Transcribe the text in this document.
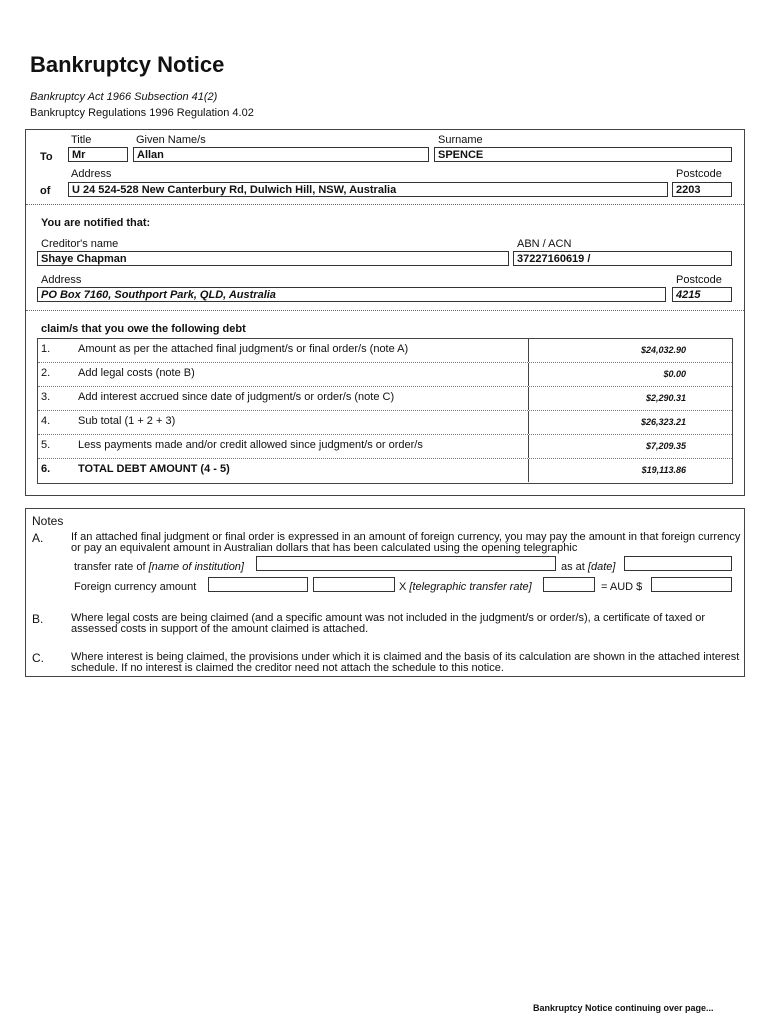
Bankruptcy Notice
Bankruptcy Act 1966 Subsection 41(2)
Bankruptcy Regulations 1996 Regulation 4.02
Title	Given Name/s	Surname
To	Mr	Allan	SPENCE
Address	Postcode
of	U 24 524-528 New Canterbury Rd, Dulwich Hill, NSW, Australia	2203
You are notified that:
Creditor's name	ABN / ACN
Shaye Chapman	37227160619 /
Address	Postcode
PO Box 7160, Southport Park, QLD, Australia	4215
claim/s that you owe the following debt
1.	Amount as per the attached final judgment/s or final order/s (note A)	$24,032.90
2.	Add legal costs (note B)	$0.00
3.	Add interest accrued since date of judgment/s or order/s (note C)	$2,290.31
4.	Sub total (1 + 2 + 3)	$26,323.21
5.	Less payments made and/or credit allowed since judgment/s or order/s	$7,209.35
6.	TOTAL DEBT AMOUNT (4 - 5)	$19,113.86
Notes
A.	If an attached final judgment or final order is expressed in an amount of foreign currency, you may pay the amount in that foreign currency or pay an equivalent amount in Australian dollars that has been calculated using the opening telegraphic
transfer rate of [name of institution]	as at [date]
Foreign currency amount	X [telegraphic transfer rate]	= AUD $
B.	Where legal costs are being claimed (and a specific amount was not included in the judgment/s or order/s), a certificate of taxed or assessed costs in support of the amount claimed is attached.
C. Where interest is being claimed, the provisions under which it is claimed and the basis of its calculation are shown in the attached interest schedule. If no interest is claimed the creditor need not attach the schedule to this notice.
Bankruptcy Notice continuing over page...
